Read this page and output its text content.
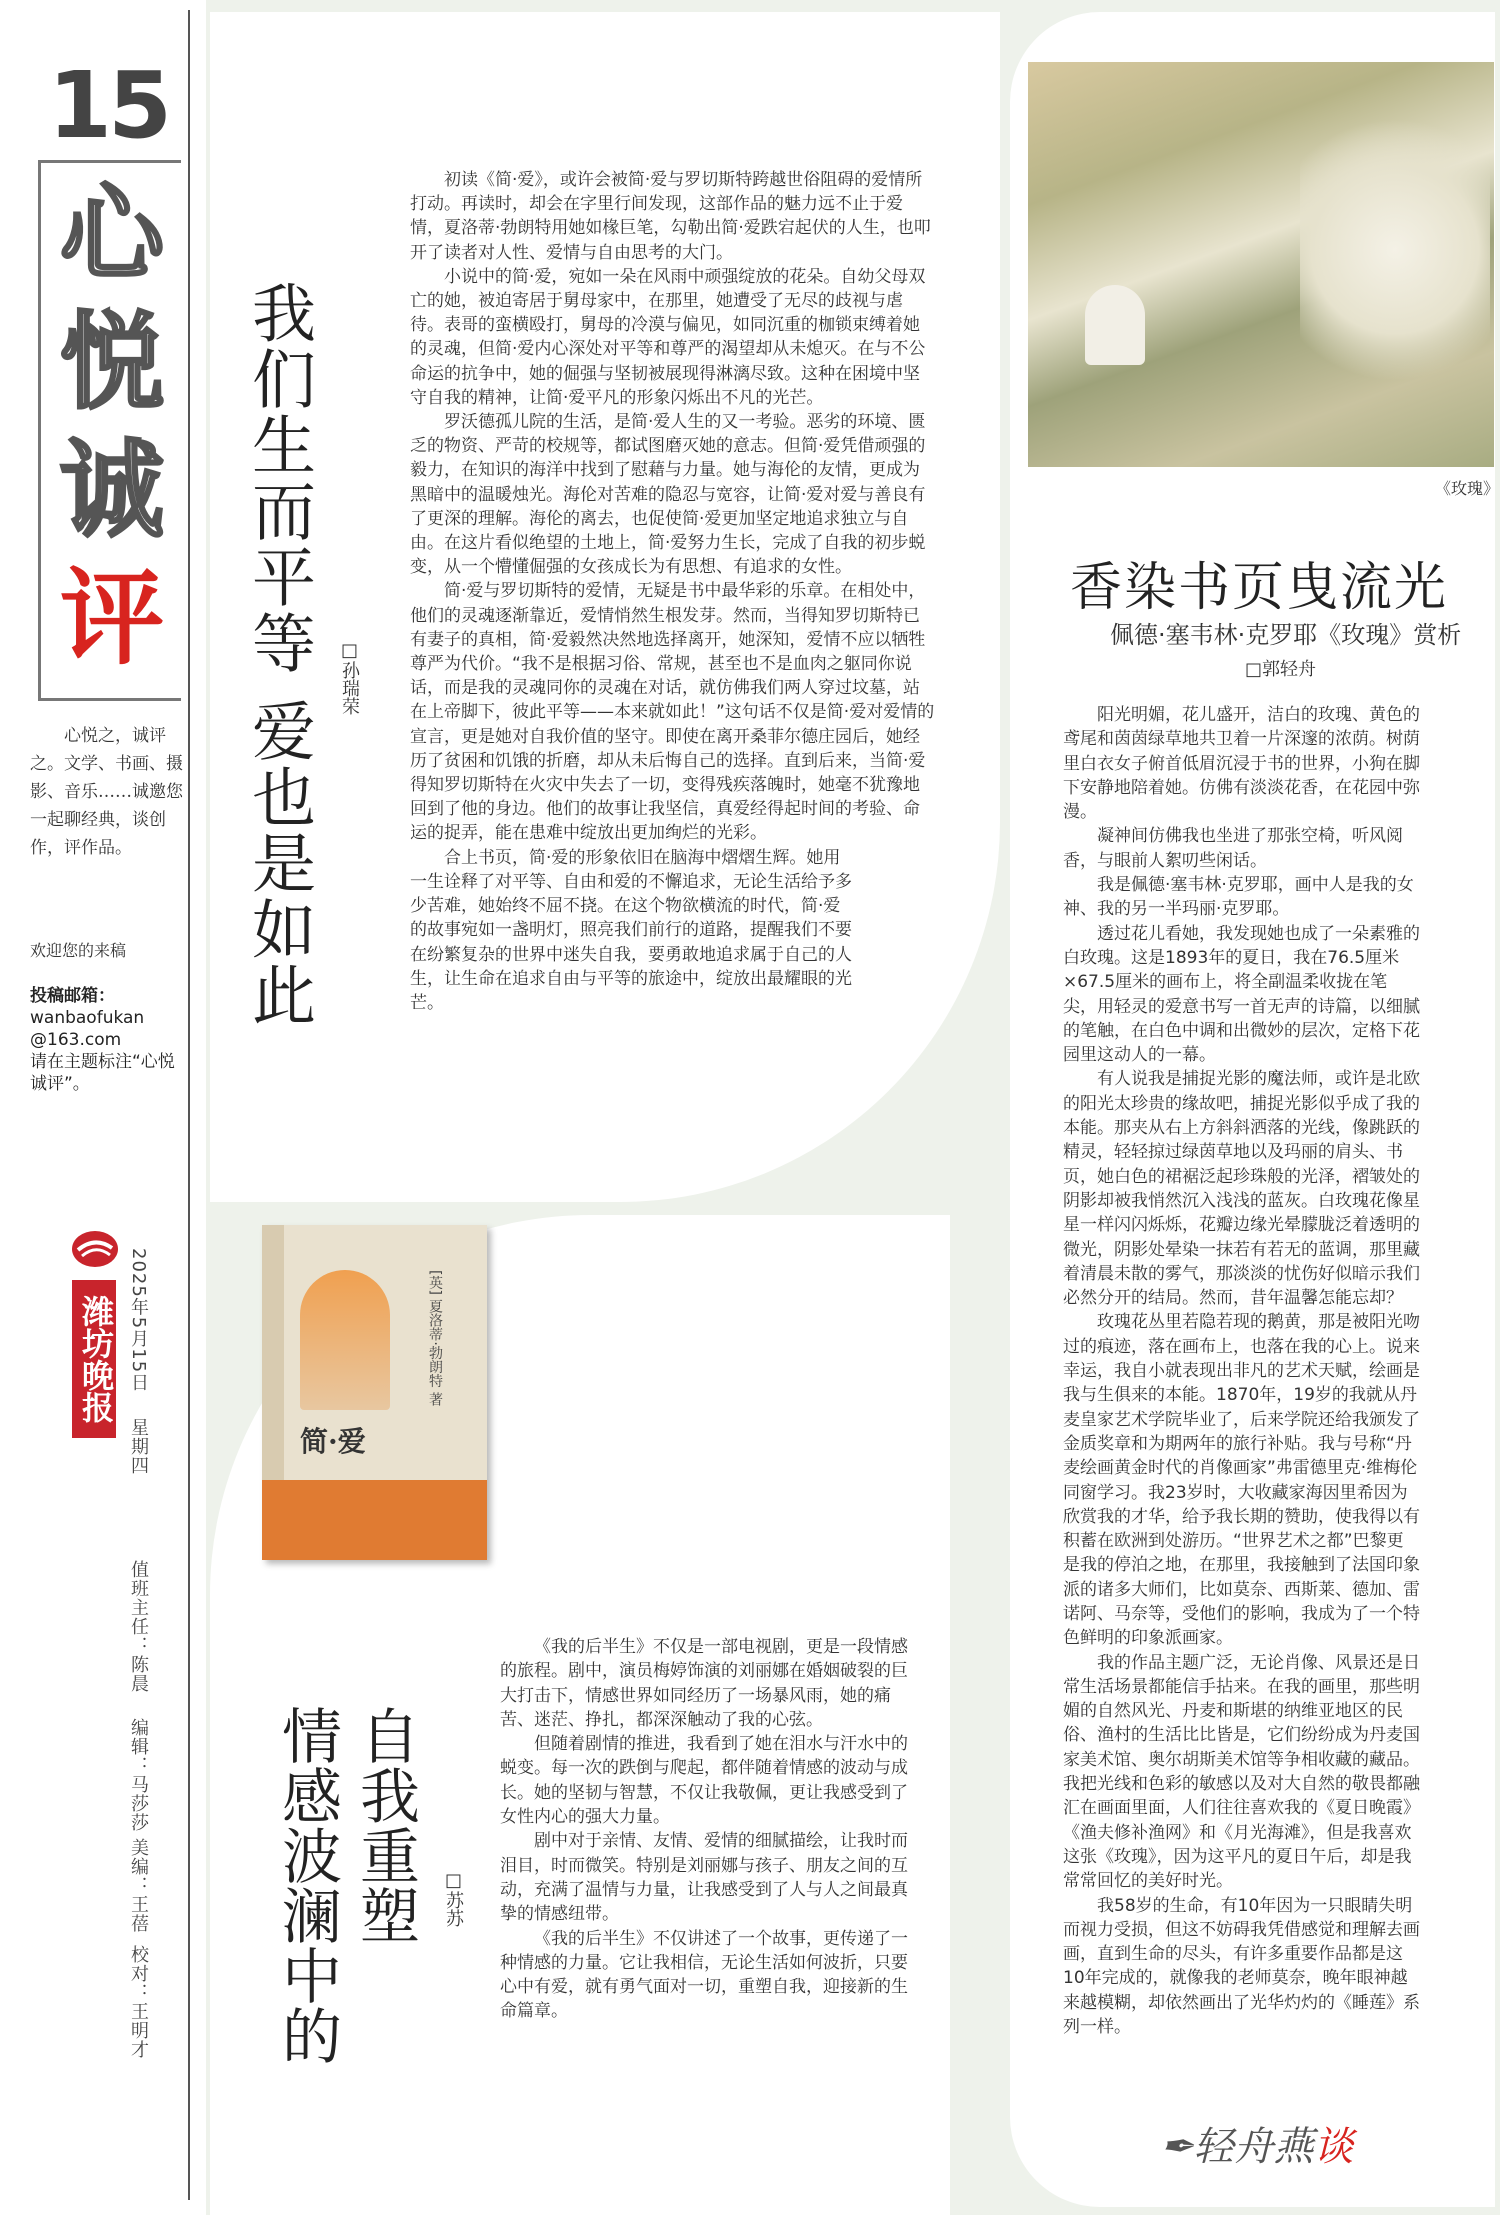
15
心
悦
诚
评
心悦之，诚评之。文学、书画、摄影、音乐……诚邀您一起聊经典，谈创作，评作品。
欢迎您的来稿
投稿邮箱：
wanbaofukan
@163.com
请在主题标注“心悦诚评”。
潍坊晚报 2025年5月15日
星期四
值班主任：陈晨
编辑：马莎莎
美编：王蓓
校对：王明才
我们生而平等 爱也是如此 □孙瑞荣

初读《简·爱》，或许会被简·爱与罗切斯特跨越世俗阻碍的爱情所打动。再读时，却会在字里行间发现，这部作品的魅力远不止于爱情，夏洛蒂·勃朗特用她如椽巨笔，勾勒出简·爱跌宕起伏的人生，也叩开了读者对人性、爱情与自由思考的大门。

小说中的简·爱，宛如一朵在风雨中顽强绽放的花朵。自幼父母双亡的她，被迫寄居于舅母家中，在那里，她遭受了无尽的歧视与虐待。表哥的蛮横殴打，舅母的冷漠与偏见，如同沉重的枷锁束缚着她的灵魂，但简·爱内心深处对平等和尊严的渴望却从未熄灭。在与不公命运的抗争中，她的倔强与坚韧被展现得淋漓尽致。这种在困境中坚守自我的精神，让简·爱平凡的形象闪烁出不凡的光芒。

罗沃德孤儿院的生活，是简·爱人生的又一考验。恶劣的环境、匮乏的物资、严苛的校规等，都试图磨灭她的意志。但简·爱凭借顽强的毅力，在知识的海洋中找到了慰藉与力量。她与海伦的友情，更成为黑暗中的温暖烛光。海伦对苦难的隐忍与宽容，让简·爱对爱与善良有了更深的理解。海伦的离去，也促使简·爱更加坚定地追求独立与自由。在这片看似绝望的土地上，简·爱努力生长，完成了自我的初步蜕变，从一个懵懂倔强的女孩成长为有思想、有追求的女性。

简·爱与罗切斯特的爱情，无疑是书中最华彩的乐章。在相处中，他们的灵魂逐渐靠近，爱情悄然生根发芽。然而，当得知罗切斯特已有妻子的真相，简·爱毅然决然地选择离开，她深知，爱情不应以牺牲尊严为代价。“我不是根据习俗、常规，甚至也不是血肉之躯同你说话，而是我的灵魂同你的灵魂在对话，就仿佛我们两人穿过坟墓，站在上帝脚下，彼此平等——本来就如此！”这句话不仅是简·爱对爱情的宣言，更是她对自我价值的坚守。即使在离开桑菲尔德庄园后，她经历了贫困和饥饿的折磨，却从未后悔自己的选择。直到后来，当简·爱得知罗切斯特在火灾中失去了一切，变得残疾落魄时，她毫不犹豫地回到了他的身边。他们的故事让我坚信，真爱经得起时间的考验、命运的捉弄，能在患难中绽放出更加绚烂的光彩。

合上书页，简·爱的形象依旧在脑海中熠熠生辉。她用一生诠释了对平等、自由和爱的不懈追求，无论生活给予多少苦难，她始终不屈不挠。在这个物欲横流的时代，简·爱的故事宛如一盏明灯，照亮我们前行的道路，提醒我们不要在纷繁复杂的世界中迷失自我，要勇敢地追求属于自己的人生，让生命在追求自由与平等的旅途中，绽放出最耀眼的光芒。

简·爱
[英] 夏洛蒂·勃朗特 著
自我重塑
情感波澜中的	□苏苏

《我的后半生》不仅是一部电视剧，更是一段情感的旅程。剧中，演员梅婷饰演的刘丽娜在婚姻破裂的巨大打击下，情感世界如同经历了一场暴风雨，她的痛苦、迷茫、挣扎，都深深触动了我的心弦。

但随着剧情的推进，我看到了她在泪水与汗水中的蜕变。每一次的跌倒与爬起，都伴随着情感的波动与成长。她的坚韧与智慧，不仅让我敬佩，更让我感受到了女性内心的强大力量。

剧中对于亲情、友情、爱情的细腻描绘，让我时而泪目，时而微笑。特别是刘丽娜与孩子、朋友之间的互动，充满了温情与力量，让我感受到了人与人之间最真挚的情感纽带。

《我的后半生》不仅讲述了一个故事，更传递了一种情感的力量。它让我相信，无论生活如何波折，只要心中有爱，就有勇气面对一切，重塑自我，迎接新的生命篇章。

《玫瑰》
香染书页曳流光
佩德·塞韦林·克罗耶《玫瑰》赏析
□郭轻舟

阳光明媚，花儿盛开，洁白的玫瑰、黄色的鸢尾和茵茵绿草地共卫着一片深邃的浓荫。树荫里白衣女子俯首低眉沉浸于书的世界，小狗在脚下安静地陪着她。仿佛有淡淡花香，在花园中弥漫。

凝神间仿佛我也坐进了那张空椅，听风阅香，与眼前人絮叨些闲话。

我是佩德·塞韦林·克罗耶，画中人是我的女神、我的另一半玛丽·克罗耶。

透过花儿看她，我发现她也成了一朵素雅的白玫瑰。这是1893年的夏日，我在76.5厘米×67.5厘米的画布上，将全副温柔收拢在笔尖，用轻灵的爱意书写一首无声的诗篇，以细腻的笔触，在白色中调和出微妙的层次，定格下花园里这动人的一幕。

有人说我是捕捉光影的魔法师，或许是北欧的阳光太珍贵的缘故吧，捕捉光影似乎成了我的本能。那夹从右上方斜斜洒落的光线，像跳跃的精灵，轻轻掠过绿茵草地以及玛丽的肩头、书页，她白色的裙裾泛起珍珠般的光泽，褶皱处的阴影却被我悄然沉入浅浅的蓝灰。白玫瑰花像星星一样闪闪烁烁，花瓣边缘光晕朦胧泛着透明的微光，阴影处晕染一抹若有若无的蓝调，那里藏着清晨未散的雾气，那淡淡的忧伤好似暗示我们必然分开的结局。然而，昔年温馨怎能忘却？

玫瑰花丛里若隐若现的鹅黄，那是被阳光吻过的痕迹，落在画布上，也落在我的心上。说来幸运，我自小就表现出非凡的艺术天赋，绘画是我与生俱来的本能。1870年，19岁的我就从丹麦皇家艺术学院毕业了，后来学院还给我颁发了金质奖章和为期两年的旅行补贴。我与号称“丹麦绘画黄金时代的肖像画家”弗雷德里克·维梅伦同窗学习。我23岁时，大收藏家海因里希因为欣赏我的才华，给予我长期的赞助，使我得以有积蓄在欧洲到处游历。“世界艺术之都”巴黎更是我的停泊之地，在那里，我接触到了法国印象派的诸多大师们，比如莫奈、西斯莱、德加、雷诺阿、马奈等，受他们的影响，我成为了一个特色鲜明的印象派画家。

我的作品主题广泛，无论肖像、风景还是日常生活场景都能信手拈来。在我的画里，那些明媚的自然风光、丹麦和斯堪的纳维亚地区的民俗、渔村的生活比比皆是，它们纷纷成为丹麦国家美术馆、奥尔胡斯美术馆等争相收藏的藏品。我把光线和色彩的敏感以及对大自然的敬畏都融汇在画面里面，人们往往喜欢我的《夏日晚霞》《渔夫修补渔网》和《月光海滩》，但是我喜欢这张《玫瑰》，因为这平凡的夏日午后，却是我常常回忆的美好时光。

我58岁的生命，有10年因为一只眼睛失明而视力受损，但这不妨碍我凭借感觉和理解去画画，直到生命的尽头，有许多重要作品都是这10年完成的，就像我的老师莫奈，晚年眼神越来越模糊，却依然画出了光华灼灼的《睡莲》系列一样。

✒轻舟燕谈
